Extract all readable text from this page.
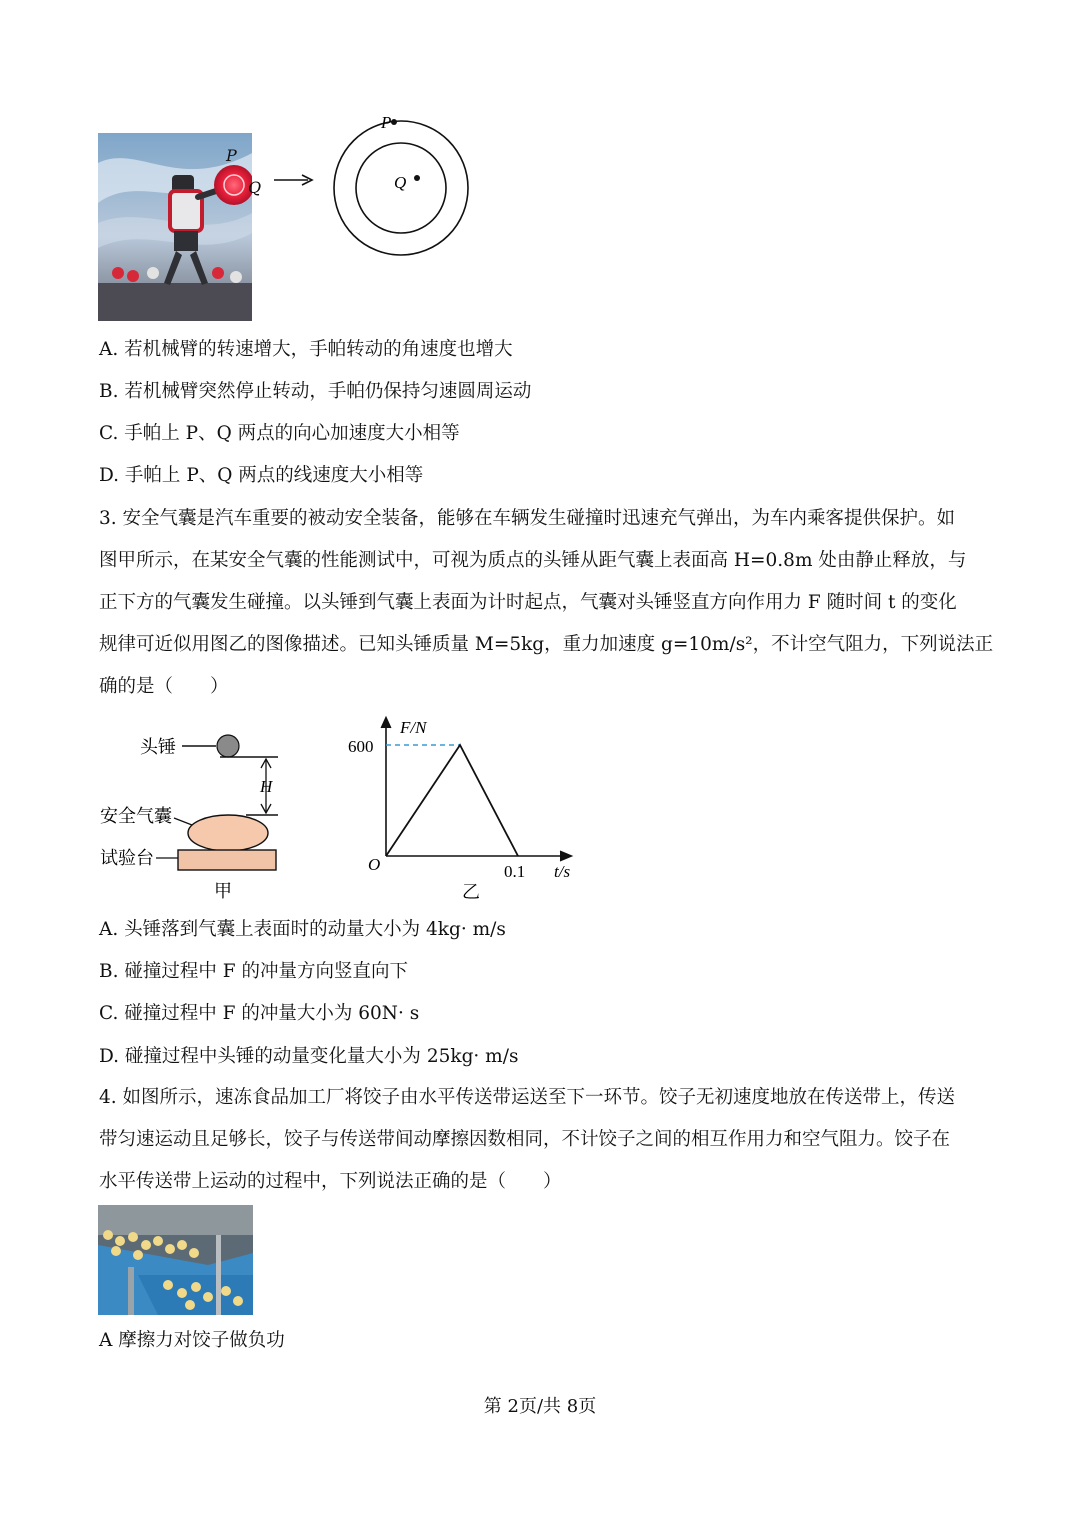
P
Q
P
Q
A. 若机械臂的转速增大，手帕转动的角速度也增大
B. 若机械臂突然停止转动，手帕仍保持匀速圆周运动
C. 手帕上 P、Q 两点的向心加速度大小相等
D. 手帕上 P、Q 两点的线速度大小相等
3. 安全气囊是汽车重要的被动安全装备，能够在车辆发生碰撞时迅速充气弹出，为车内乘客提供保护。如
图甲所示，在某安全气囊的性能测试中，可视为质点的头锤从距气囊上表面高 H=0.8m 处由静止释放，与
正下方的气囊发生碰撞。以头锤到气囊上表面为计时起点，气囊对头锤竖直方向作用力 F 随时间 t 的变化
规律可近似用图乙的图像描述。已知头锤质量 M=5kg，重力加速度 g=10m/s²，不计空气阻力，下列说法正
确的是（　　）
头锤
H
安全气囊
试验台
甲
F/N
600
O	0.1 t/s
乙
A. 头锤落到气囊上表面时的动量大小为 4kg· m/s
B. 碰撞过程中 F 的冲量方向竖直向下
C. 碰撞过程中 F 的冲量大小为 60N· s
D. 碰撞过程中头锤的动量变化量大小为 25kg· m/s
4. 如图所示，速冻食品加工厂将饺子由水平传送带运送至下一环节。饺子无初速度地放在传送带上，传送
带匀速运动且足够长，饺子与传送带间动摩擦因数相同，不计饺子之间的相互作用力和空气阻力。饺子在
水平传送带上运动的过程中，下列说法正确的是（　　）
A 摩擦力对饺子做负功
第 2页/共 8页
